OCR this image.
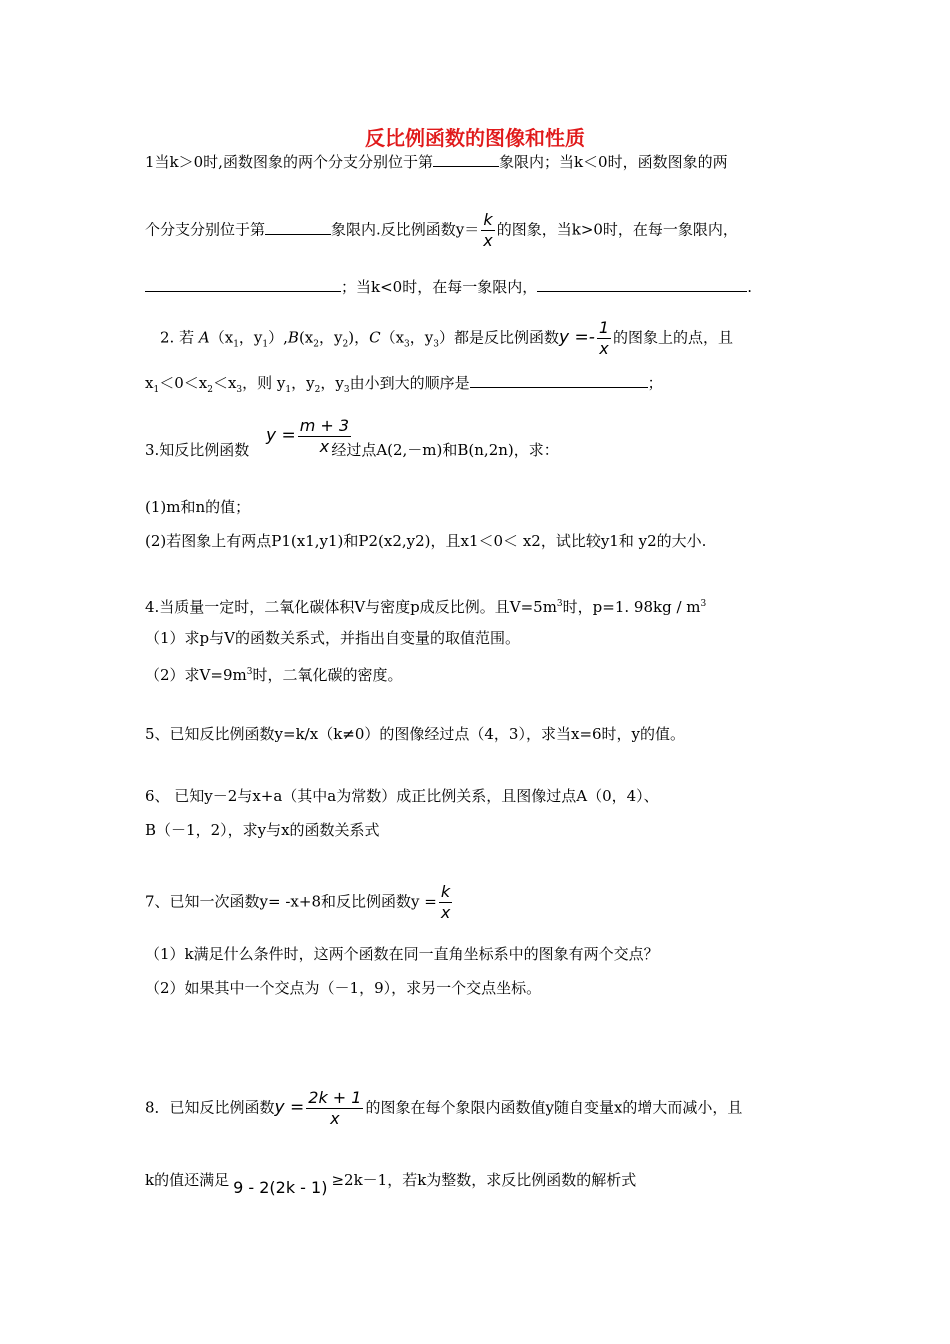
反比例函数的图像和性质
1当k＞0时,函数图象的两个分支分别位于第	象限内；当k＜0时，函数图象的两
个分支分别位于第	象限内.反比例函数$y= \frac{k}{x}$ 的图象，当k>0时，在每一象限内，
；当k<0时，在每一象限内，	.
2. 若 $A(x_1$，$y_1),B(x_2$，$y_2$)，$C(x_3$，$y_3$）都是反比例函数$y =- \frac{1}{x}$ 的图象上的点，且
$x_1<0<x_2<x_3$，则 $y_1$，$y_2$，$y_3$由小到大的顺序是	；
$y = \frac{m + 3}{x}$
3.知反比例函数	经过点A(2,－m)和B(n,2n)，求：
(1)m和n的值；
(2)若图象上有两点P1(x1,y1)和P2(x2,y2)，且x1＜0＜ x2，试比较y1和 y2的大小.
4.当质量一定时，二氧化碳体积V与密度p成反比例。且$V=5m^3$时，p=1. $98kg / m^3$
（1）求p与V的函数关系式，并指出自变量的取值范围。
（2）求$V=9m^3$时，二氧化碳的密度。
5、已知反比例函数y=k/x（k≠0）的图像经过点（4，3），求当x=6时，y的值。
6、 已知y－2与x+a（其中a为常数）成正比例关系，且图像过点A（0，4）、
B（－1，2），求y与x的函数关系式
7、已知一次函数y= -x+8和反比例函数$y = \frac{k}{x}$
（1）k满足什么条件时，这两个函数在同一直角坐标系中的图象有两个交点？
（2）如果其中一个交点为（－1，9），求另一个交点坐标。
8．已知反比例函数$y = \frac{2k + 1}{x}$ 的图象在每个象限内函数值y随自变量x的增大而减小，且
k的值还满足 9 - 2(2k - 1) ≥2k－1，若k为整数，求反比例函数的解析式
